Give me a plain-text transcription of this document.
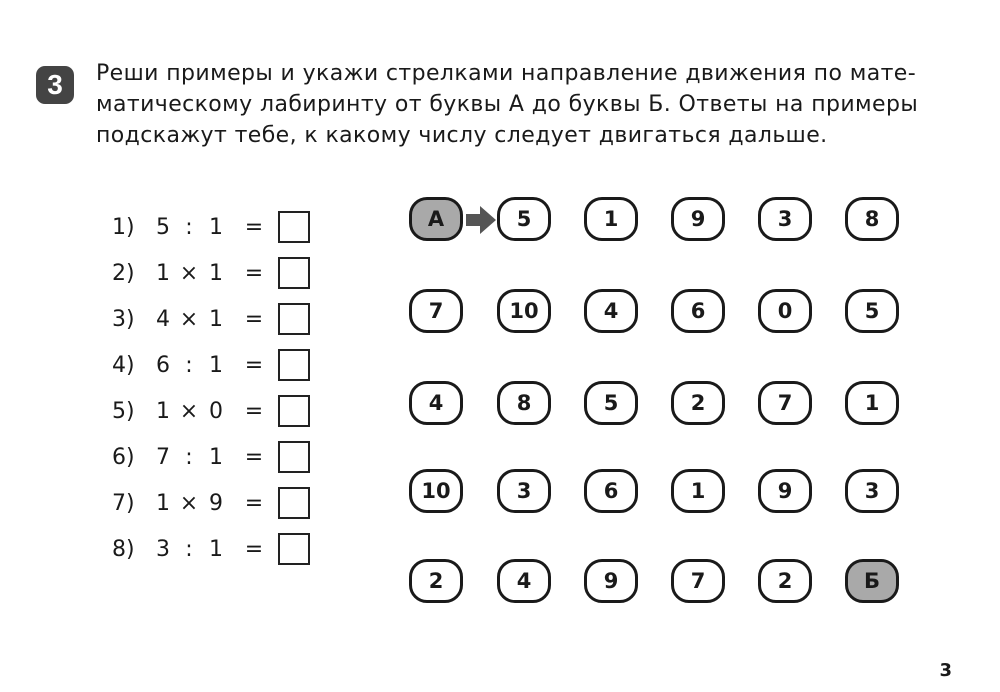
3	Реши примеры и укажи стрелками направление движения по мате-
матическому лабиринту от буквы А до буквы Б. Ответы на примеры
подскажут тебе, к какому числу следует двигаться дальше.
1) 5 : 1 =
2) 1 × 1 =
3) 4 × 1 =
4) 6 : 1 =
5) 1 × 0 =
6) 7 : 1 =
7) 1 × 9 =
8) 3 : 1 =
А	5	1	9	3	8
7	10	4	6	0	5
4	8	5	2	7	1
10	3	6	1	9	3
2	4	9	7	2	Б
3
